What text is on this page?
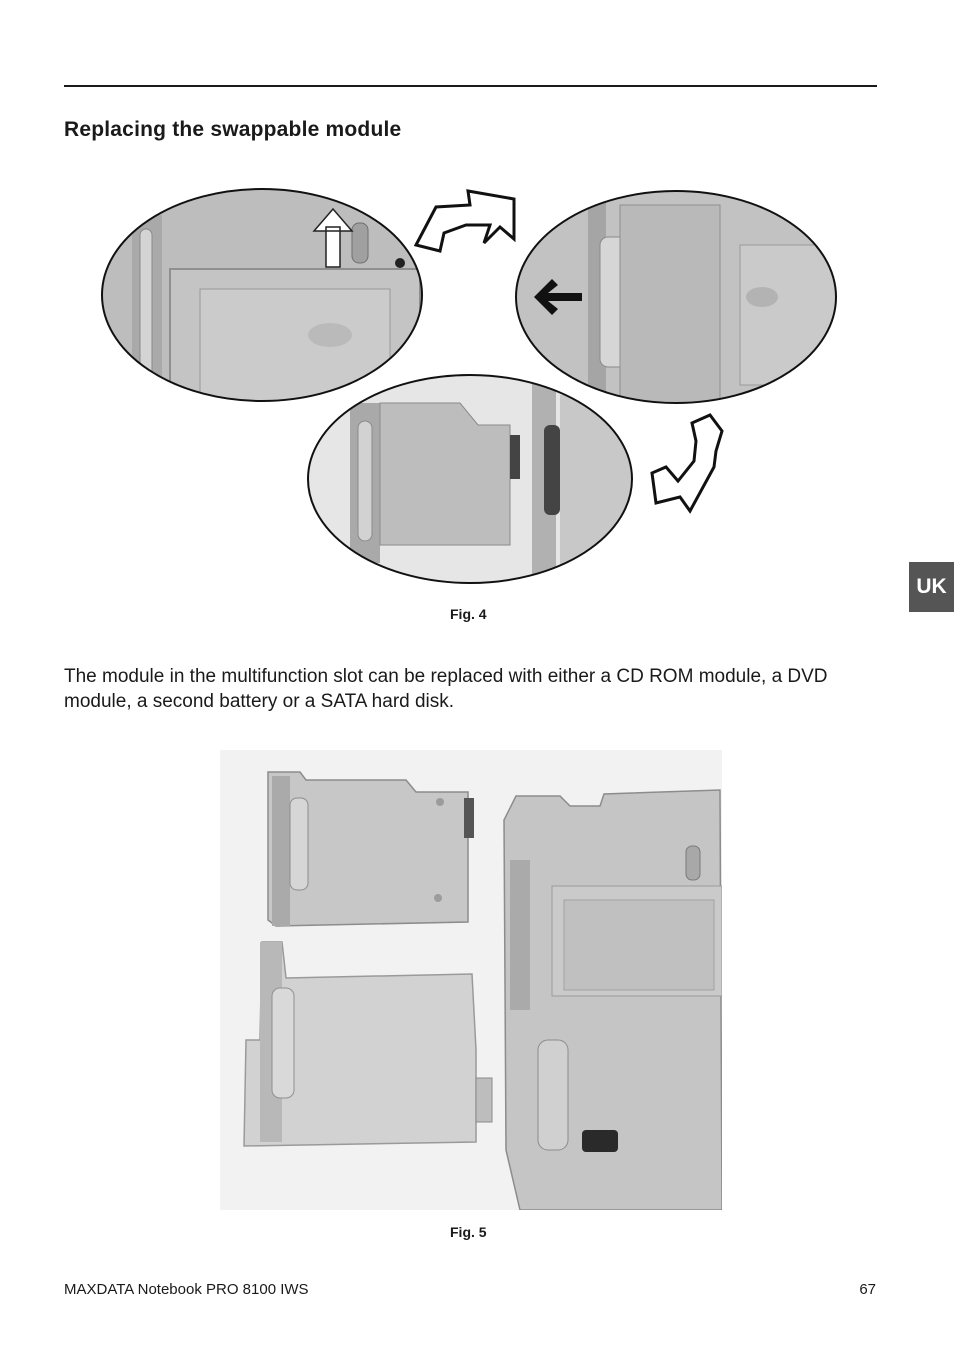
Replacing the swappable module

Fig. 4

The module in the multifunction slot can be replaced with either a CD ROM module, a DVD module, a second battery or a SATA hard disk.

Fig. 5

UK
MAXDATA Notebook PRO 8100 IWS	67
